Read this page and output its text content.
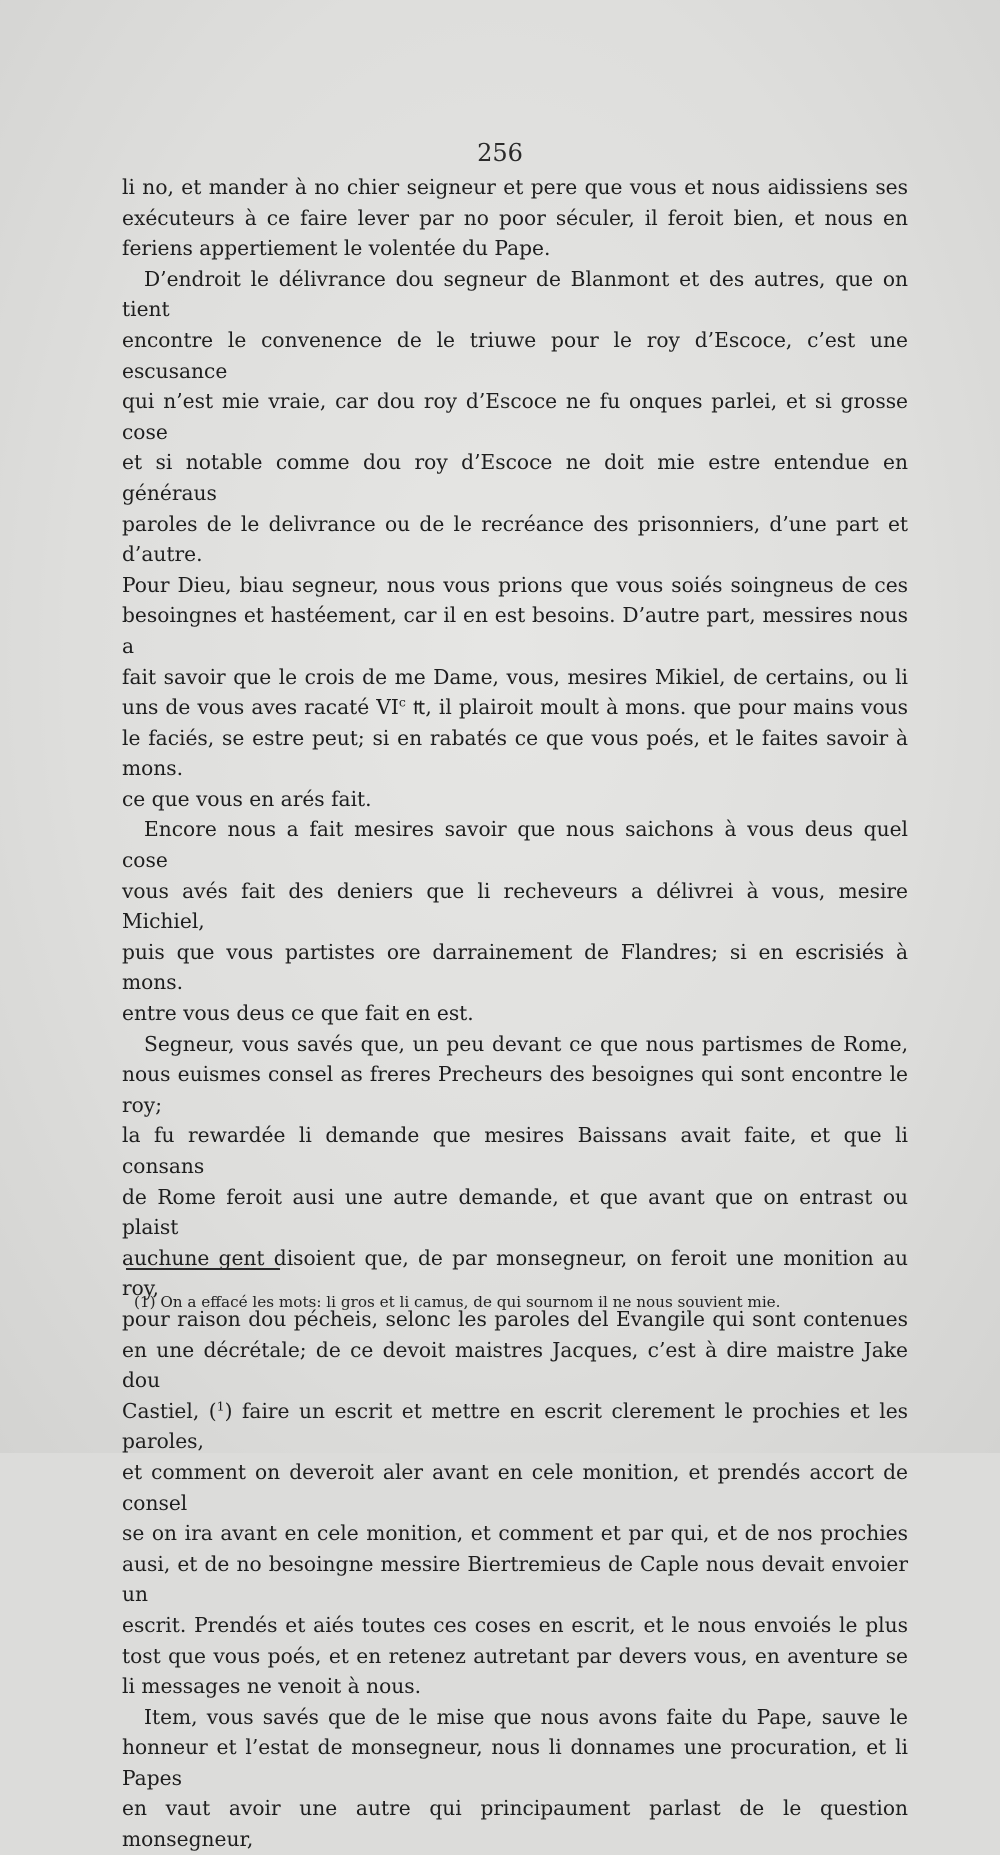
256

li no, et mander à no chier seigneur et pere que vous et nous aidissiens ses

exécuteurs à ce faire lever par no poor séculer, il feroit bien, et nous en

feriens appertiement le volentée du Pape.

D’endroit le délivrance dou segneur de Blanmont et des autres, que on tient

encontre le convenence de le triuwe pour le roy d’Escoce, c’est une escusance

qui n’est mie vraie, car dou roy d’Escoce ne fu onques parlei, et si grosse cose

et si notable comme dou roy d’Escoce ne doit mie estre entendue en généraus

paroles de le delivrance ou de le recréance des prisonniers, d’une part et d’autre.

Pour Dieu, biau segneur, nous vous prions que vous soiés soingneus de ces

besoingnes et hastéement, car il en est besoins. D’autre part, messires nous a

fait savoir que le crois de me Dame, vous, mesires Mikiel, de certains, ou li

uns de vous aves racaté $VI^c$ ₶, il plairoit moult à mons. que pour mains vous

le faciés, se estre peut; si en rabatés ce que vous poés, et le faites savoir à mons.

ce que vous en arés fait.

Encore nous a fait mesires savoir que nous saichons à vous deus quel cose

vous avés fait des deniers que li recheveurs a délivrei à vous, mesire Michiel,

puis que vous partistes ore darrainement de Flandres; si en escrisiés à mons.

entre vous deus ce que fait en est.

Segneur, vous savés que, un peu devant ce que nous partismes de Rome,

nous euismes consel as freres Precheurs des besoignes qui sont encontre le roy;

la fu rewardée li demande que mesires Baissans avait faite, et que li consans

de Rome feroit ausi une autre demande, et que avant que on entrast ou plaist

auchune gent disoient que, de par monsegneur, on feroit une monition au roy,

pour raison dou pécheis, selonc les paroles del Evangile qui sont contenues

en une décrétale; de ce devoit maistres Jacques, c’est à dire maistre Jake dou

Castiel, ($^1$) faire un escrit et mettre en escrit clerement le prochies et les paroles,

et comment on deveroit aler avant en cele monition, et prendés accort de consel

se on ira avant en cele monition, et comment et par qui, et de nos prochies

ausi, et de no besoingne messire Biertremieus de Caple nous devait envoier un

escrit. Prendés et aiés toutes ces coses en escrit, et le nous envoiés le plus

tost que vous poés, et en retenez autretant par devers vous, en aventure se

li messages ne venoit à nous.

Item, vous savés que de le mise que nous avons faite du Pape, sauve le

honneur et l’estat de monsegneur, nous li donnames une procuration, et li Papes

en vaut avoir une autre qui principaument parlast de le question monsegneur,

(1) On a effacé les mots: li gros et li camus, de qui sournom il ne nous souvient mie.
